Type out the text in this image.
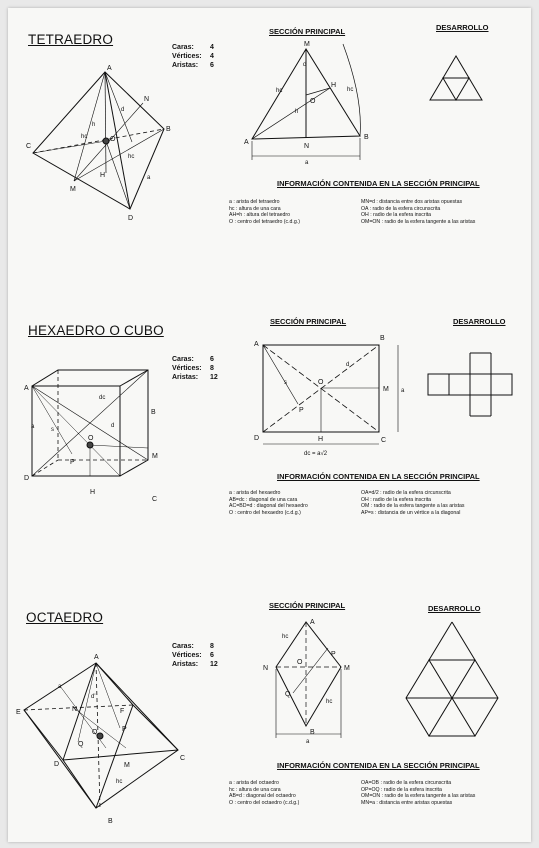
TETRAEDRO
Caras: 4
Vértices: 4
Aristas: 6
SECCIÓN PRINCIPAL	DESARROLLO
A
B
C
D
M
N
O
H
h
hc
hc
d
a
M
A
B
N
O
H
hc	hc
h
d
a
INFORMACIÓN CONTENIDA EN LA SECCIÓN PRINCIPAL
a : arista del tetraedro
hc : altura de una cara
AH=h : altura del tetraedro
O : centro del tetraedro (c.d.g.)
MN=d : distancia entre dos aristas opuestas
OA : radio de la esfera circunscrita
OH : radio de la esfera inscrita
OM=ON : radio de la esfera tangente a las aristas
HEXAEDRO O CUBO
Caras: 6
Vértices: 8
Aristas: 12
SECCIÓN PRINCIPAL	DESARROLLO
A
B
C
D
O
P
H
M
dc
a	s
d
A
B
C
D
O
P
H
M
s
d
a
dc = a√2
INFORMACIÓN CONTENIDA EN LA SECCIÓN PRINCIPAL
a : arista del hexaedro
AB=dc : diagonal de una cara
AC=BD=d : diagonal del hexaedro
O : centro del hexaedro (c.d.g.)
OA=d/2 : radio de la esfera circunscrita
OH : radio de la esfera inscrita
OM : radio de la esfera tangente a las aristas
AP=s : distancia de un vértice a la diagonal
OCTAEDRO
Caras: 8
Vértices: 6
Aristas: 12
SECCIÓN PRINCIPAL	DESARROLLO
A
E
C
D
B
N	F
M
O
Q
P
a
d'
hc
A
B
N	M
O
P
Q
hc
hc
a
INFORMACIÓN CONTENIDA EN LA SECCIÓN PRINCIPAL
a : arista del octaedro
hc : altura de una cara
AB=d : diagonal del octaedro
O : centro del octaedro (c.d.g.)
OA=OB : radio de la esfera circunscrita
OP=OQ : radio de la esfera inscrita
OM=ON : radio de la esfera tangente a las aristas
MN=a : distancia entre aristas opuestas
